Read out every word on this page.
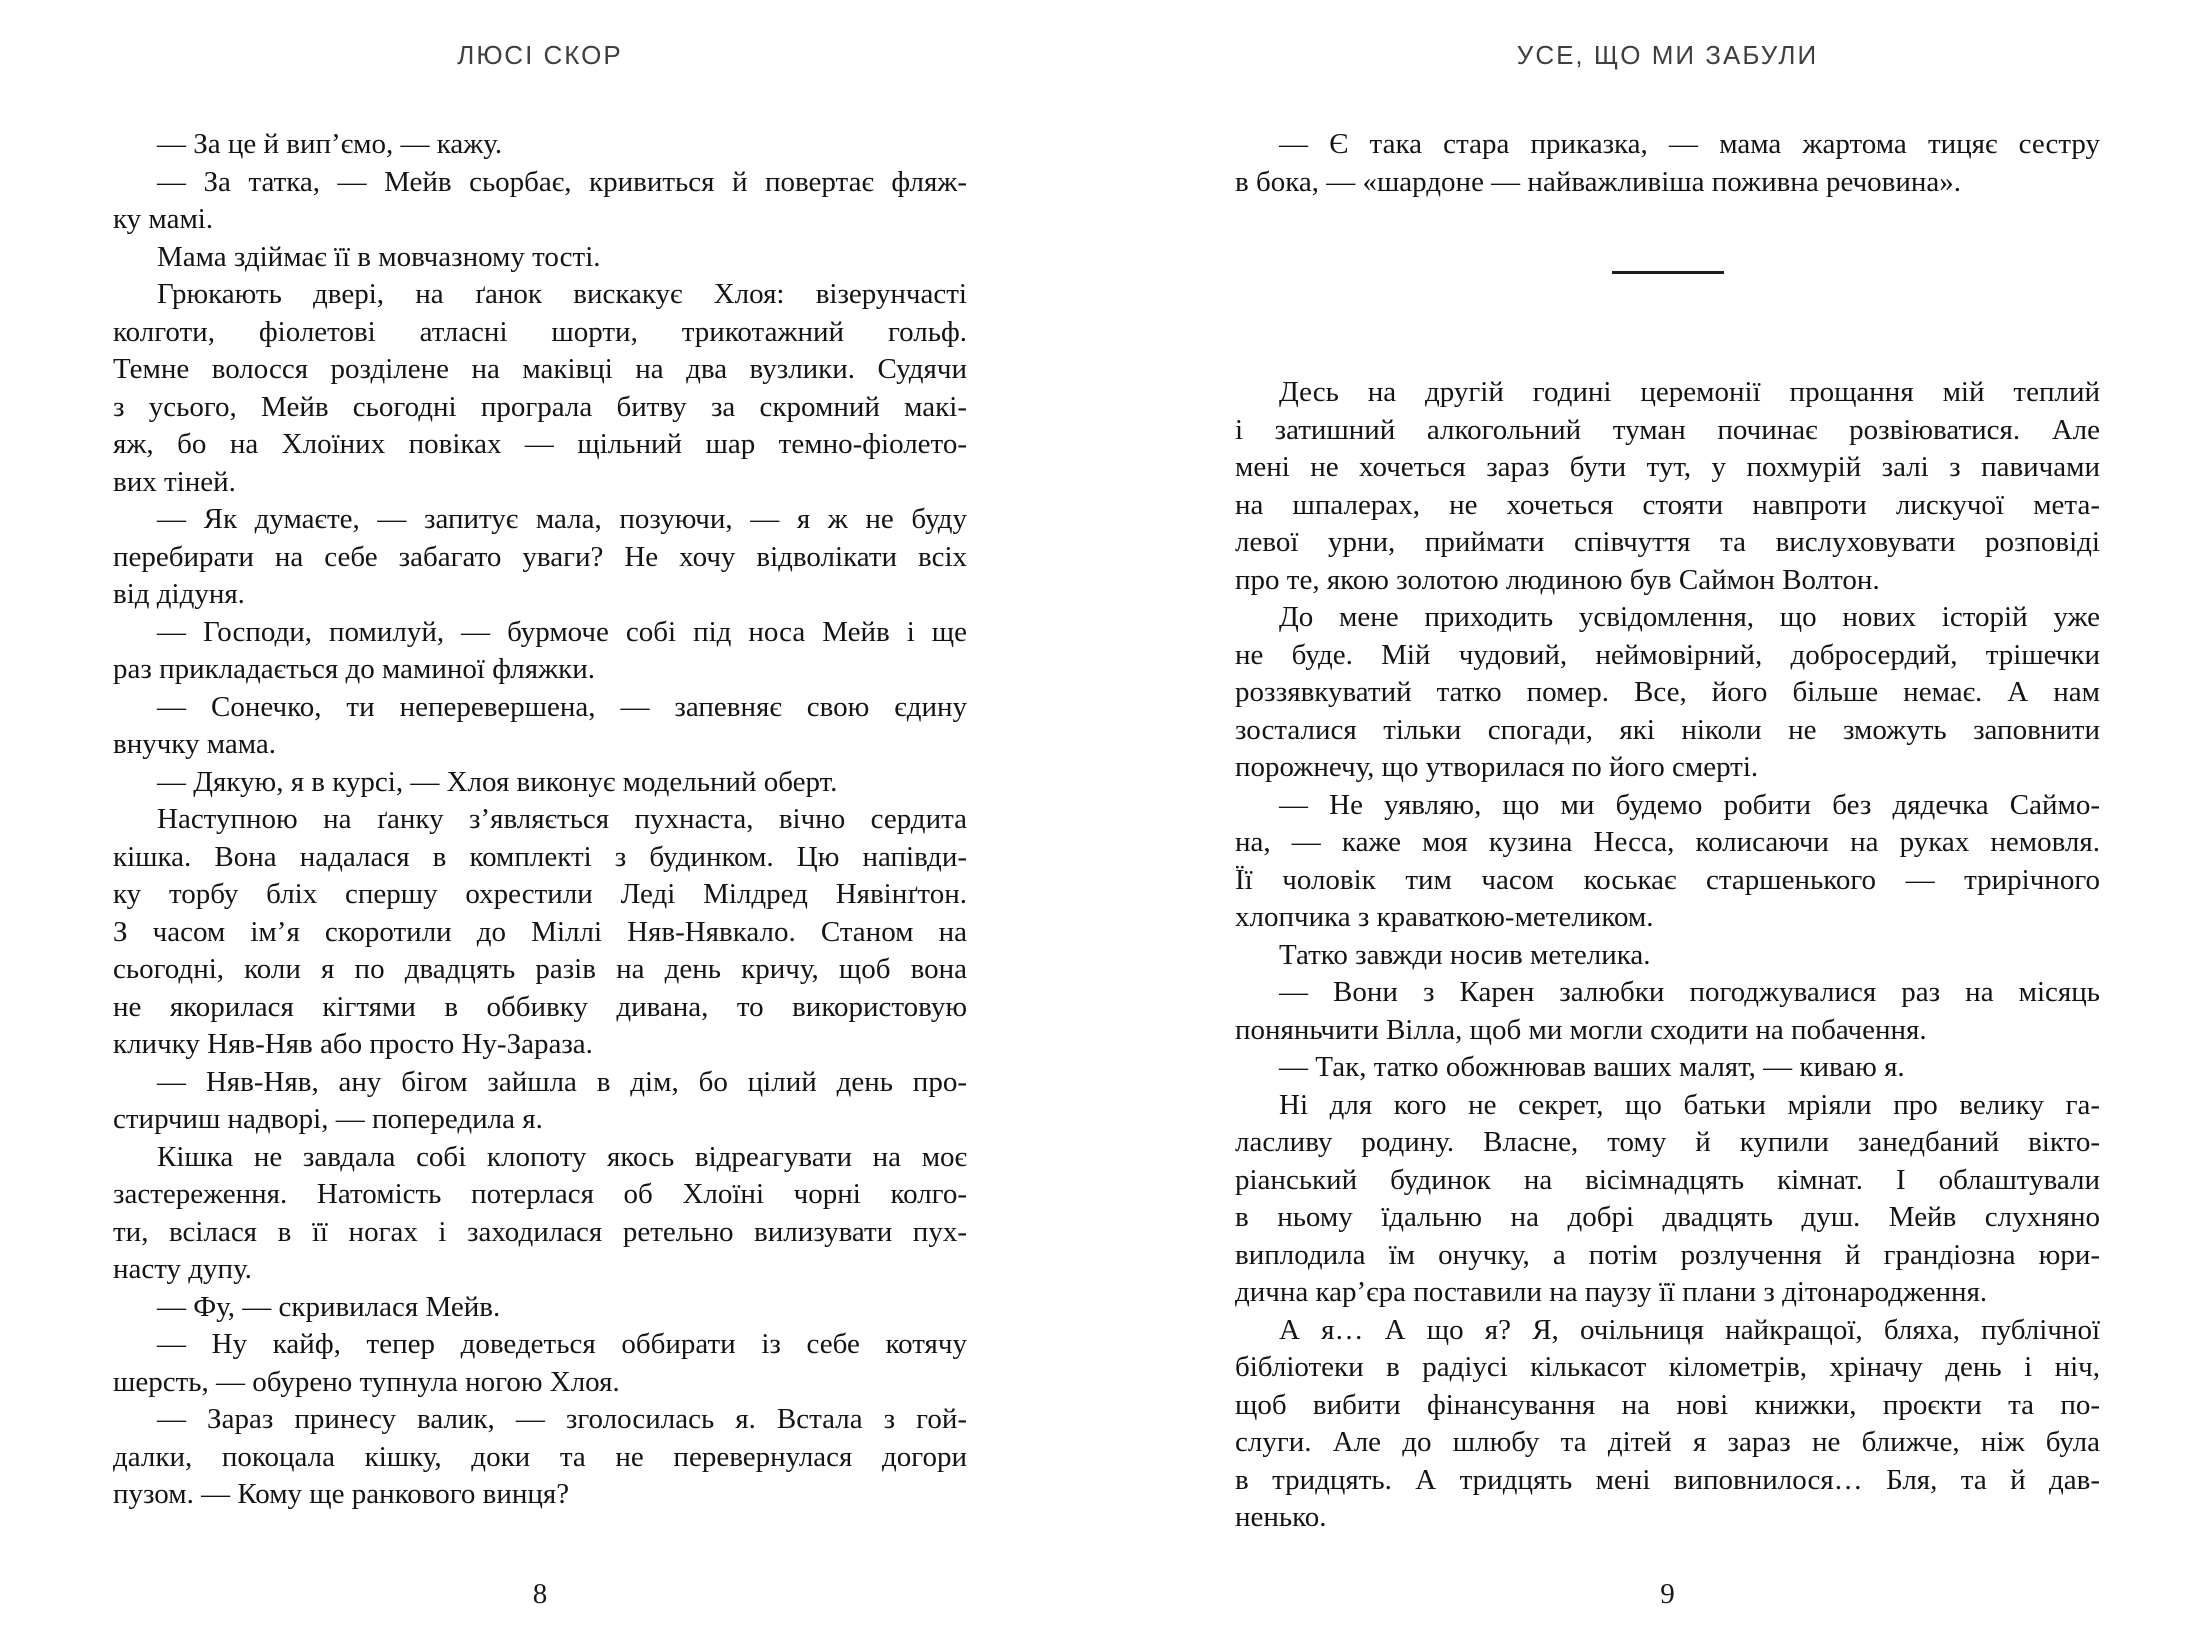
ЛЮСІ СКОР
— За це й вип’ємо, — кажу.
— За татка, — Мейв сьорбає, кривиться й повертає фляж-
ку мамі.
Мама здіймає її в мовчазному тості.
Грюкають двері, на ґанок вискакує Хлоя: візерунчасті
колготи, фіолетові атласні шорти, трикотажний гольф.
Темне волосся розділене на маківці на два вузлики. Судячи
з усього, Мейв сьогодні програла битву за скромний макі-
яж, бо на Хлоїних повіках — щільний шар темно-фіолето-
вих тіней.
— Як думаєте, — запитує мала, позуючи, — я ж не буду
перебирати на себе забагато уваги? Не хочу відволікати всіх
від дідуня.
— Господи, помилуй, — бурмоче собі під носа Мейв і ще
раз прикладається до маминої фляжки.
— Сонечко, ти неперевершена, — запевняє свою єдину
внучку мама.
— Дякую, я в курсі, — Хлоя виконує модельний оберт.
Наступною на ґанку з’являється пухнаста, вічно сердита
кішка. Вона надалася в комплекті з будинком. Цю напівди-
ку торбу бліх спершу охрестили Леді Мілдред Нявінґтон.
З часом ім’я скоротили до Міллі Няв-Нявкало. Станом на
сьогодні, коли я по двадцять разів на день кричу, щоб вона
не якорилася кігтями в оббивку дивана, то використовую
кличку Няв-Няв або просто Ну-Зараза.
— Няв-Няв, ану бігом зайшла в дім, бо цілий день про-
стирчиш надворі, — попередила я.
Кішка не завдала собі клопоту якось відреагувати на моє
застереження. Натомість потерлася об Хлоїні чорні колго-
ти, всілася в її ногах і заходилася ретельно вилизувати пух-
насту дупу.
— Фу, — скривилася Мейв.
— Ну кайф, тепер доведеться оббирати із себе котячу
шерсть, — обурено тупнула ногою Хлоя.
— Зараз принесу валик, — зголосилась я. Встала з гой-
далки, покоцала кішку, доки та не перевернулася догори
пузом. — Кому ще ранкового винця?
8
УСЕ, ЩО МИ ЗАБУЛИ
— Є така стара приказка, — мама жартома тицяє сестру
в бока, — «шардоне — найважливіша поживна речовина».
Десь на другій годині церемонії прощання мій теплий
і затишний алкогольний туман починає розвіюватися. Але
мені не хочеться зараз бути тут, у похмурій залі з павичами
на шпалерах, не хочеться стояти навпроти лискучої мета-
левої урни, приймати співчуття та вислуховувати розповіді
про те, якою золотою людиною був Саймон Волтон.
До мене приходить усвідомлення, що нових історій уже
не буде. Мій чудовий, неймовірний, добросердий, трішечки
роззявкуватий татко помер. Все, його більше немає. А нам
зосталися тільки спогади, які ніколи не зможуть заповнити
порожнечу, що утворилася по його смерті.
— Не уявляю, що ми будемо робити без дядечка Саймо-
на, — каже моя кузина Несса, колисаючи на руках немовля.
Її чоловік тим часом коськає старшенького — трирічного
хлопчика з краваткою-метеликом.
Татко завжди носив метелика.
— Вони з Карен залюбки погоджувалися раз на місяць
поняньчити Вілла, щоб ми могли сходити на побачення.
— Так, татко обожнював ваших малят, — киваю я.
Ні для кого не секрет, що батьки мріяли про велику га-
ласливу родину. Власне, тому й купили занедбаний вікто-
ріанський будинок на вісімнадцять кімнат. І облаштували
в ньому їдальню на добрі двадцять душ. Мейв слухняно
виплодила їм онучку, а потім розлучення й грандіозна юри-
дична кар’єра поставили на паузу її плани з дітонародження.
А я… А що я? Я, очільниця найкращої, бляха, публічної
бібліотеки в радіусі кількасот кілометрів, хріначу день і ніч,
щоб вибити фінансування на нові книжки, проєкти та по-
слуги. Але до шлюбу та дітей я зараз не ближче, ніж була
в тридцять. А тридцять мені виповнилося… Бля, та й дав-
ненько.
9
